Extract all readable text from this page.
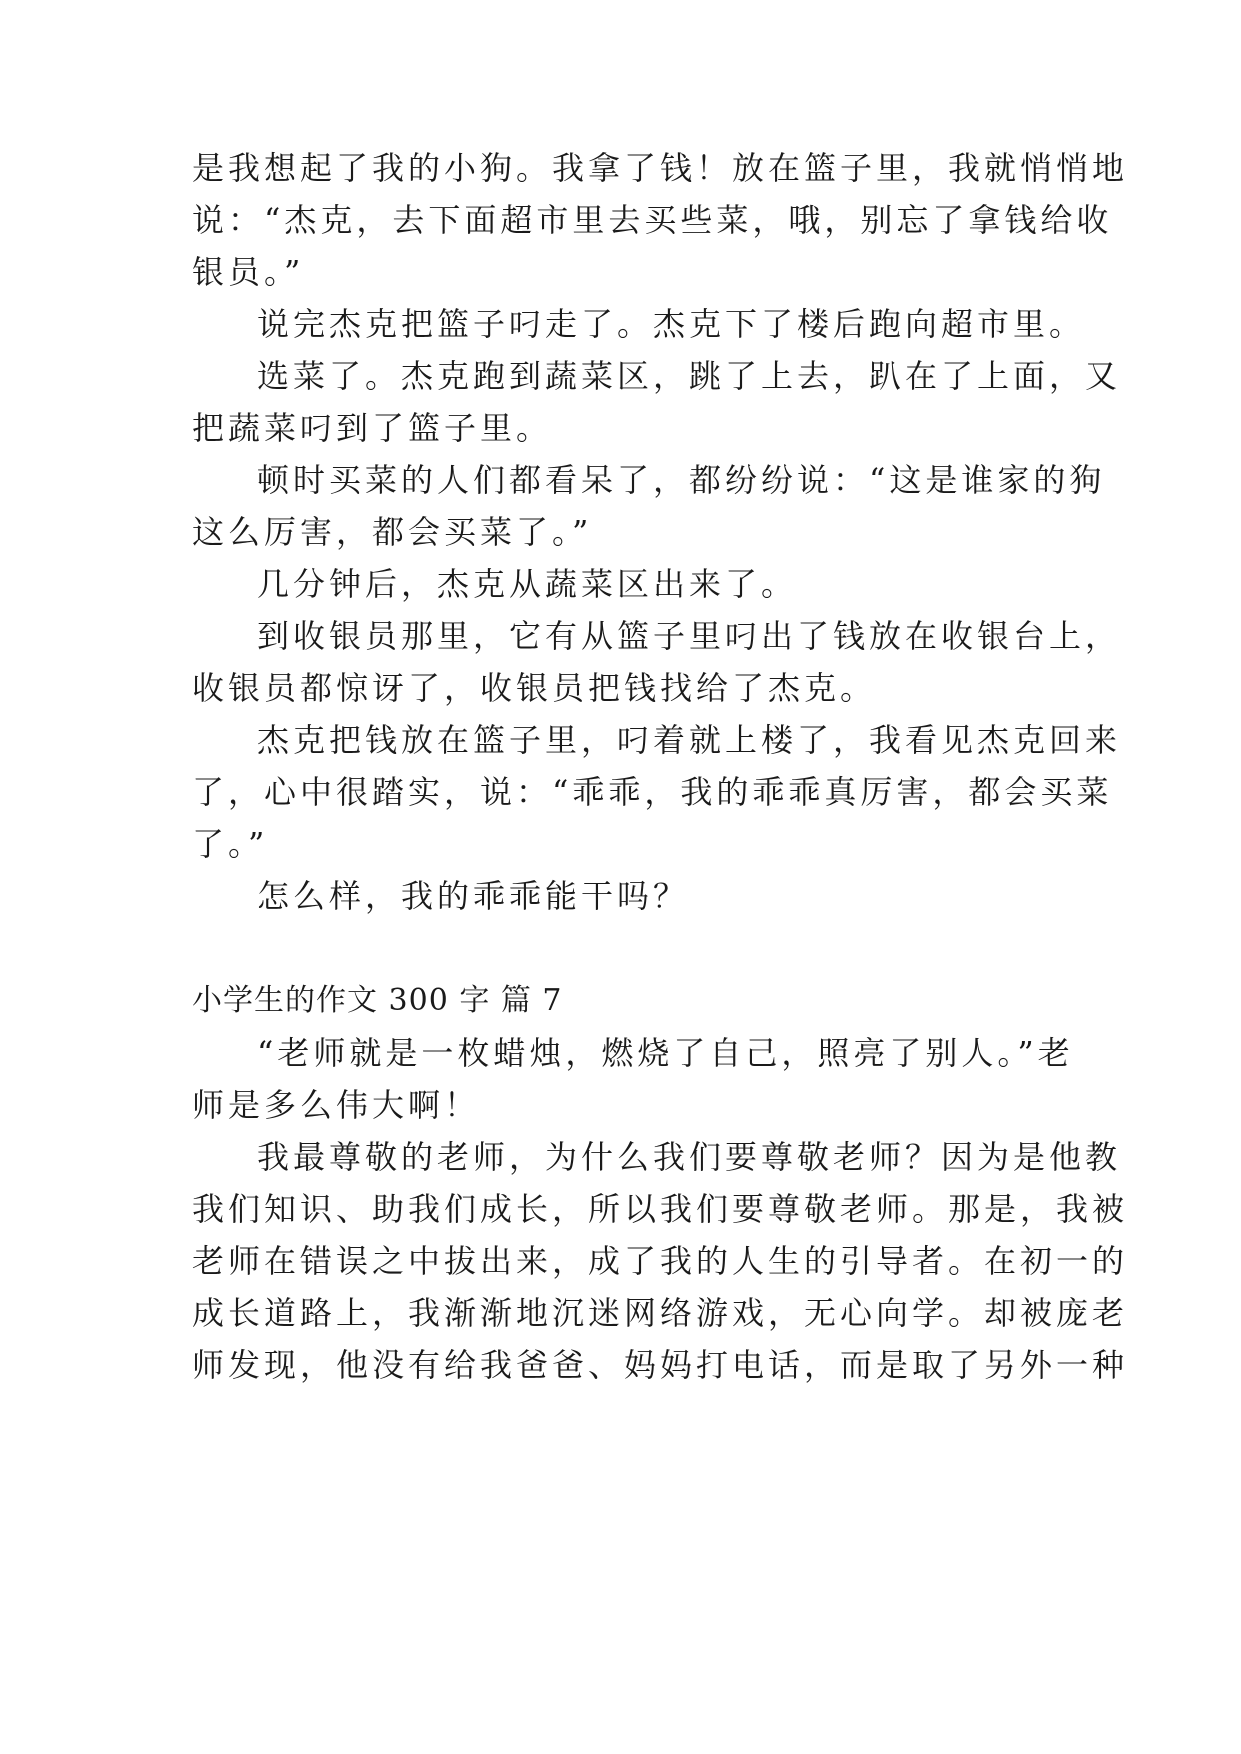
是我想起了我的小狗。我拿了钱！放在篮子里，我就悄悄地
说：“杰克，去下面超市里去买些菜，哦，别忘了拿钱给收
银员。”
说完杰克把篮子叼走了。杰克下了楼后跑向超市里。
选菜了。杰克跑到蔬菜区，跳了上去，趴在了上面，又
把蔬菜叼到了篮子里。
顿时买菜的人们都看呆了，都纷纷说：“这是谁家的狗
这么厉害，都会买菜了。”
几分钟后，杰克从蔬菜区出来了。
到收银员那里，它有从篮子里叼出了钱放在收银台上，
收银员都惊讶了，收银员把钱找给了杰克。
杰克把钱放在篮子里，叼着就上楼了，我看见杰克回来
了，心中很踏实，说：“乖乖，我的乖乖真厉害，都会买菜
了。”
怎么样，我的乖乖能干吗？
小学生的作文 300 字 篇 7
“老师就是一枚蜡烛，燃烧了自己，照亮了别人。”老
师是多么伟大啊！
我最尊敬的老师，为什么我们要尊敬老师？因为是他教
我们知识、助我们成长，所以我们要尊敬老师。那是，我被
老师在错误之中拔出来，成了我的人生的引导者。在初一的
成长道路上，我渐渐地沉迷网络游戏，无心向学。却被庞老
师发现，他没有给我爸爸、妈妈打电话，而是取了另外一种
